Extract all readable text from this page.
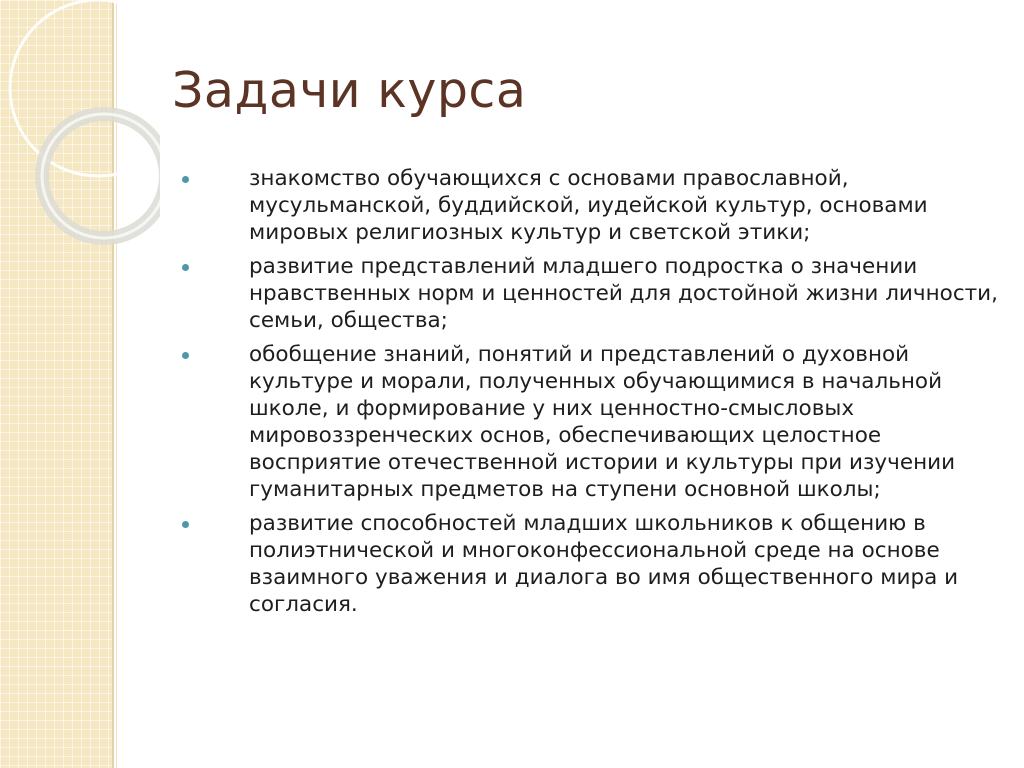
Задачи курса
знакомство обучающихся с основами православной, мусульманской, буддийской, иудейской культур, основами мировых религиозных культур и светской этики;
развитие представлений младшего подростка о значении нравственных норм и ценностей для достойной жизни личности, семьи, общества;
обобщение знаний, понятий и представлений о духовной культуре и морали, полученных обучающимися в начальной школе, и формирование у них ценностно-смысловых мировоззренческих основ, обеспечивающих целостное восприятие отечественной истории и культуры при изучении гуманитарных предметов на ступени основной школы;
развитие способностей младших школьников к общению в полиэтнической и многоконфессиональной среде на основе взаимного уважения и диалога во имя общественного мира и согласия.
